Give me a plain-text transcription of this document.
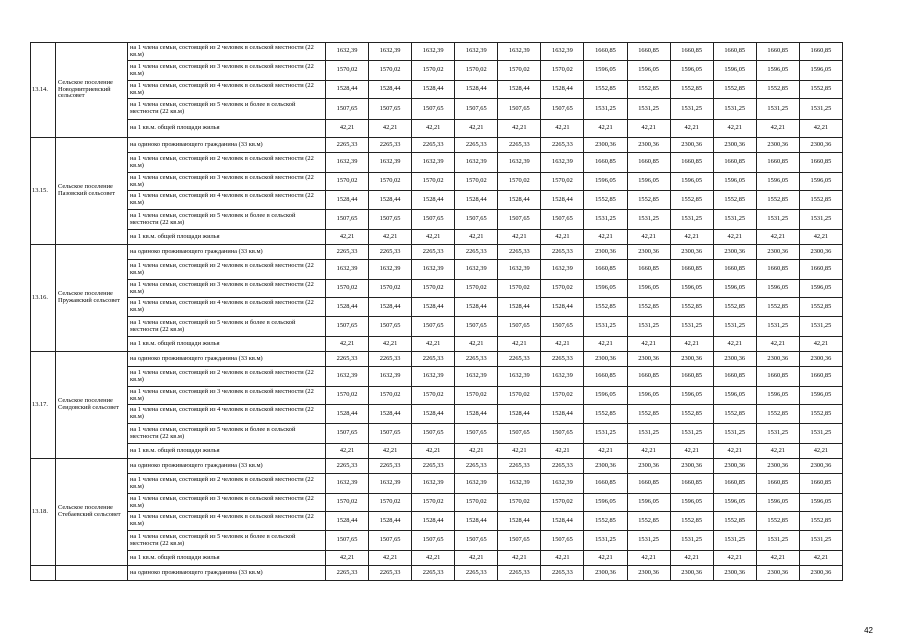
13.14.	Сельское поселение Новодмитриевский сельсовет	на 1 члена семьи, состоящей из 2 человек в сельской местности (22 кв.м)	1632,39	1632,39	1632,39	1632,39	1632,39	1632,39	1660,85	1660,85	1660,85	1660,85	1660,85	1660,85
		на 1 члена семьи, состоящей из 3 человек в сельской местности (22 кв.м)	1570,02	1570,02	1570,02	1570,02	1570,02	1570,02	1596,05	1596,05	1596,05	1596,05	1596,05	1596,05
		на 1 члена семьи, состоящей из 4 человек в сельской местности (22 кв.м)	1528,44	1528,44	1528,44	1528,44	1528,44	1528,44	1552,85	1552,85	1552,85	1552,85	1552,85	1552,85
		на 1 члена семьи, состоящей из 5 человек и более в сельской местности (22 кв.м)	1507,65	1507,65	1507,65	1507,65	1507,65	1507,65	1531,25	1531,25	1531,25	1531,25	1531,25	1531,25
		на 1 кв.м. общей площади жилья	42,21	42,21	42,21	42,21	42,21	42,21	42,21	42,21	42,21	42,21	42,21	42,21
13.15.	Сельское поселение Пазовский сельсовет	на одиноко проживающего гражданина (33 кв.м)	2265,33	2265,33	2265,33	2265,33	2265,33	2265,33	2300,36	2300,36	2300,36	2300,36	2300,36	2300,36
		на 1 члена семьи, состоящей из 2 человек в сельской местности (22 кв.м)	1632,39	1632,39	1632,39	1632,39	1632,39	1632,39	1660,85	1660,85	1660,85	1660,85	1660,85	1660,85
		на 1 члена семьи, состоящей из 3 человек в сельской местности (22 кв.м)	1570,02	1570,02	1570,02	1570,02	1570,02	1570,02	1596,05	1596,05	1596,05	1596,05	1596,05	1596,05
		на 1 члена семьи, состоящей из 4 человек в сельской местности (22 кв.м)	1528,44	1528,44	1528,44	1528,44	1528,44	1528,44	1552,85	1552,85	1552,85	1552,85	1552,85	1552,85
		на 1 члена семьи, состоящей из 5 человек и более в сельской местности (22 кв.м)	1507,65	1507,65	1507,65	1507,65	1507,65	1507,65	1531,25	1531,25	1531,25	1531,25	1531,25	1531,25
		на 1 кв.м. общей площади жилья	42,21	42,21	42,21	42,21	42,21	42,21	42,21	42,21	42,21	42,21	42,21	42,21
13.16.	Сельское поселение Пружавский сельсовет	на одиноко проживающего гражданина (33 кв.м)	2265,33	2265,33	2265,33	2265,33	2265,33	2265,33	2300,36	2300,36	2300,36	2300,36	2300,36	2300,36
		на 1 члена семьи, состоящей из 2 человек в сельской местности (22 кв.м)	1632,39	1632,39	1632,39	1632,39	1632,39	1632,39	1660,85	1660,85	1660,85	1660,85	1660,85	1660,85
		на 1 члена семьи, состоящей из 3 человек в сельской местности (22 кв.м)	1570,02	1570,02	1570,02	1570,02	1570,02	1570,02	1596,05	1596,05	1596,05	1596,05	1596,05	1596,05
		на 1 члена семьи, состоящей из 4 человек в сельской местности (22 кв.м)	1528,44	1528,44	1528,44	1528,44	1528,44	1528,44	1552,85	1552,85	1552,85	1552,85	1552,85	1552,85
		на 1 члена семьи, состоящей из 5 человек и более в сельской местности (22 кв.м)	1507,65	1507,65	1507,65	1507,65	1507,65	1507,65	1531,25	1531,25	1531,25	1531,25	1531,25	1531,25
		на 1 кв.м. общей площади жилья	42,21	42,21	42,21	42,21	42,21	42,21	42,21	42,21	42,21	42,21	42,21	42,21
13.17.	Сельское поселение Сеидовский сельсовет	на одиноко проживающего гражданина (33 кв.м)	2265,33	2265,33	2265,33	2265,33	2265,33	2265,33	2300,36	2300,36	2300,36	2300,36	2300,36	2300,36
		на 1 члена семьи, состоящей из 2 человек в сельской местности (22 кв.м)	1632,39	1632,39	1632,39	1632,39	1632,39	1632,39	1660,85	1660,85	1660,85	1660,85	1660,85	1660,85
		на 1 члена семьи, состоящей из 3 человек в сельской местности (22 кв.м)	1570,02	1570,02	1570,02	1570,02	1570,02	1570,02	1596,05	1596,05	1596,05	1596,05	1596,05	1596,05
		на 1 члена семьи, состоящей из 4 человек в сельской местности (22 кв.м)	1528,44	1528,44	1528,44	1528,44	1528,44	1528,44	1552,85	1552,85	1552,85	1552,85	1552,85	1552,85
		на 1 члена семьи, состоящей из 5 человек и более в сельской местности (22 кв.м)	1507,65	1507,65	1507,65	1507,65	1507,65	1507,65	1531,25	1531,25	1531,25	1531,25	1531,25	1531,25
		на 1 кв.м. общей площади жилья	42,21	42,21	42,21	42,21	42,21	42,21	42,21	42,21	42,21	42,21	42,21	42,21
13.18.	Сельское поселение Стебаевский сельсовет	на одиноко проживающего гражданина (33 кв.м)	2265,33	2265,33	2265,33	2265,33	2265,33	2265,33	2300,36	2300,36	2300,36	2300,36	2300,36	2300,36
		на 1 члена семьи, состоящей из 2 человек в сельской местности (22 кв.м)	1632,39	1632,39	1632,39	1632,39	1632,39	1632,39	1660,85	1660,85	1660,85	1660,85	1660,85	1660,85
		на 1 члена семьи, состоящей из 3 человек в сельской местности (22 кв.м)	1570,02	1570,02	1570,02	1570,02	1570,02	1570,02	1596,05	1596,05	1596,05	1596,05	1596,05	1596,05
		на 1 члена семьи, состоящей из 4 человек в сельской местности (22 кв.м)	1528,44	1528,44	1528,44	1528,44	1528,44	1528,44	1552,85	1552,85	1552,85	1552,85	1552,85	1552,85
		на 1 члена семьи, состоящей из 5 человек и более в сельской местности (22 кв.м)	1507,65	1507,65	1507,65	1507,65	1507,65	1507,65	1531,25	1531,25	1531,25	1531,25	1531,25	1531,25
		на 1 кв.м. общей площади жилья	42,21	42,21	42,21	42,21	42,21	42,21	42,21	42,21	42,21	42,21	42,21	42,21
		на одиноко проживающего гражданина (33 кв.м)	2265,33	2265,33	2265,33	2265,33	2265,33	2265,33	2300,36	2300,36	2300,36	2300,36	2300,36	2300,36
42
